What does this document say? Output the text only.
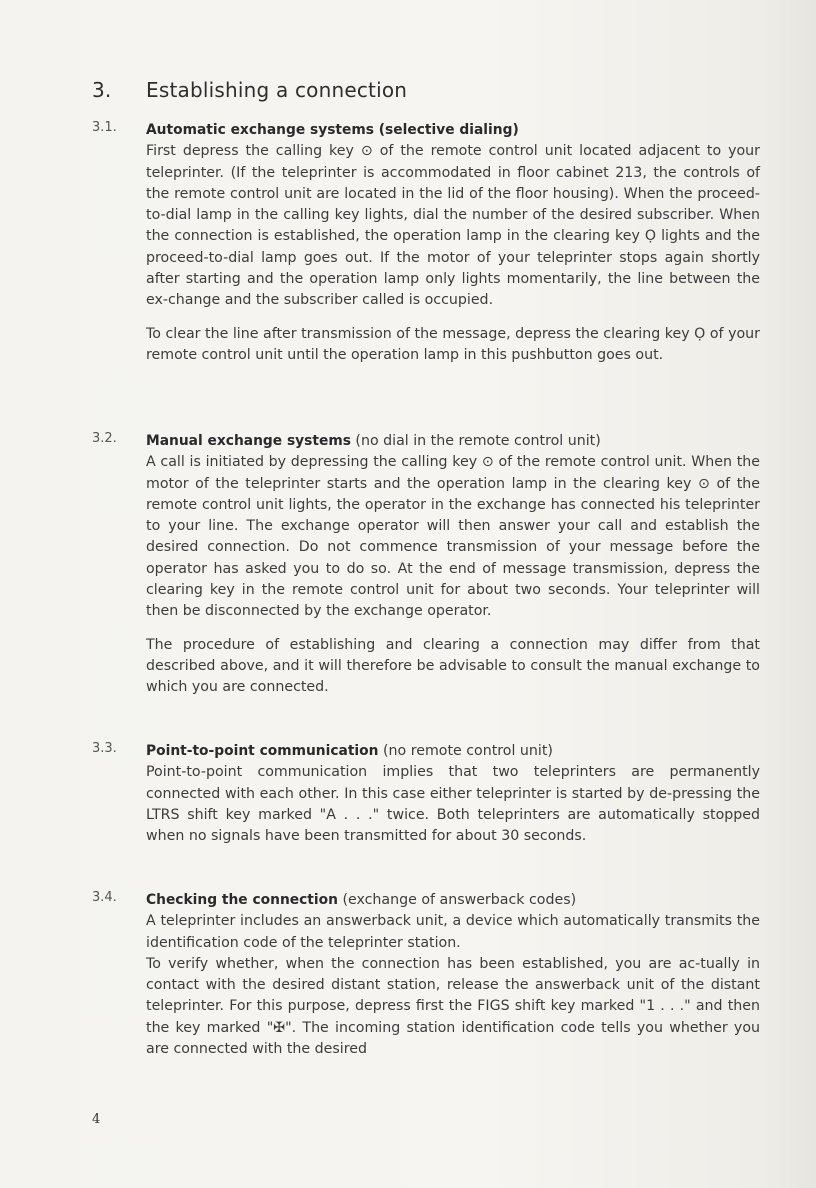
3. Establishing a connection
3.1. Automatic exchange systems (selective dialing)

First depress the calling key ⊙ of the remote control unit located adjacent to your teleprinter. (If the teleprinter is accommodated in floor cabinet 213, the controls of the remote control unit are located in the lid of the floor housing). When the proceed-to-dial lamp in the calling key lights, dial the number of the desired subscriber. When the connection is established, the operation lamp in the clearing key Ọ lights and the proceed-to-dial lamp goes out. If the motor of your teleprinter stops again shortly after starting and the operation lamp only lights momentarily, the line between the ex-change and the subscriber called is occupied.

To clear the line after transmission of the message, depress the clearing key Ọ of your remote control unit until the operation lamp in this pushbutton goes out.

3.2. Manual exchange systems (no dial in the remote control unit)

A call is initiated by depressing the calling key ⊙ of the remote control unit. When the motor of the teleprinter starts and the operation lamp in the clearing key ⊙ of the remote control unit lights, the operator in the exchange has connected his teleprinter to your line. The exchange operator will then answer your call and establish the desired connection. Do not commence transmission of your message before the operator has asked you to do so. At the end of message transmission, depress the clearing key in the remote control unit for about two seconds. Your teleprinter will then be disconnected by the exchange operator.

The procedure of establishing and clearing a connection may differ from that described above, and it will therefore be advisable to consult the manual exchange to which you are connected.

3.3. Point-to-point communication (no remote control unit)

Point-to-point communication implies that two teleprinters are permanently connected with each other. In this case either teleprinter is started by de-pressing the LTRS shift key marked "A . . ." twice. Both teleprinters are automatically stopped when no signals have been transmitted for about 30 seconds.

3.4. Checking the connection (exchange of answerback codes)

A teleprinter includes an answerback unit, a device which automatically transmits the identification code of the teleprinter station.

To verify whether, when the connection has been established, you are ac-tually in contact with the desired distant station, release the answerback unit of the distant teleprinter. For this purpose, depress first the FIGS shift key marked "1 . . ." and then the key marked "✠". The incoming station identification code tells you whether you are connected with the desired

4
